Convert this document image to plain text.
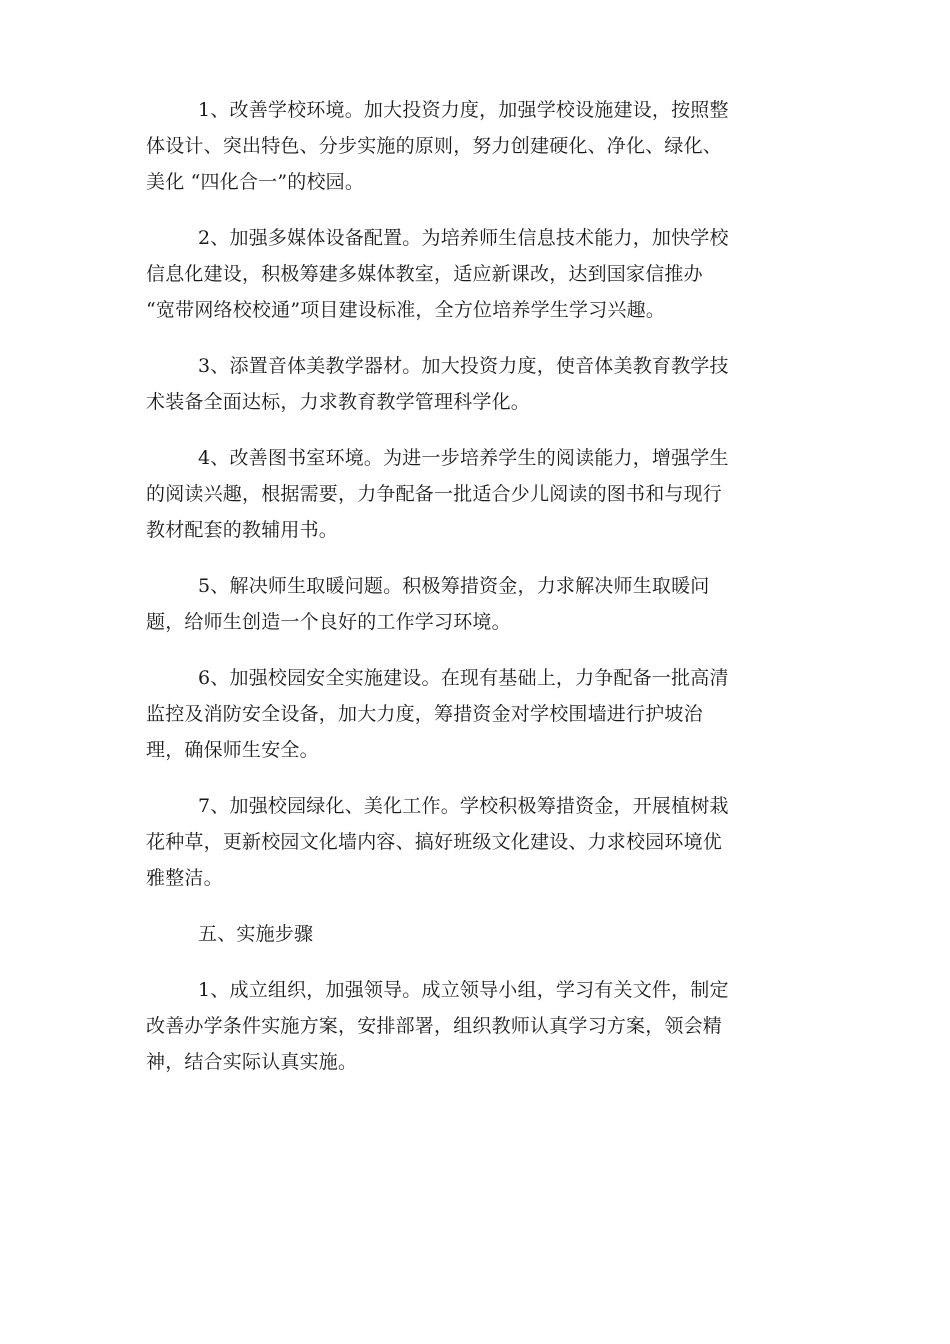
1、改善学校环境。加大投资力度，加强学校设施建设，按照整
体设计、突出特色、分步实施的原则，努力创建硬化、净化、绿化、
美化 “四化合一”的校园。
2、加强多媒体设备配置。为培养师生信息技术能力，加快学校
信息化建设，积极筹建多媒体教室，适应新课改，达到国家信推办
“宽带网络校校通”项目建设标准，全方位培养学生学习兴趣。
3、添置音体美教学器材。加大投资力度，使音体美教育教学技
术装备全面达标，力求教育教学管理科学化。
4、改善图书室环境。为进一步培养学生的阅读能力，增强学生
的阅读兴趣，根据需要，力争配备一批适合少儿阅读的图书和与现行
教材配套的教辅用书。
5、解决师生取暖问题。积极筹措资金，力求解决师生取暖问
题，给师生创造一个良好的工作学习环境。
6、加强校园安全实施建设。在现有基础上，力争配备一批高清
监控及消防安全设备，加大力度，筹措资金对学校围墙进行护坡治
理，确保师生安全。
7、加强校园绿化、美化工作。学校积极筹措资金，开展植树栽
花种草，更新校园文化墙内容、搞好班级文化建设、力求校园环境优
雅整洁。
五、实施步骤
1、成立组织，加强领导。成立领导小组，学习有关文件，制定
改善办学条件实施方案，安排部署，组织教师认真学习方案，领会精
神，结合实际认真实施。
